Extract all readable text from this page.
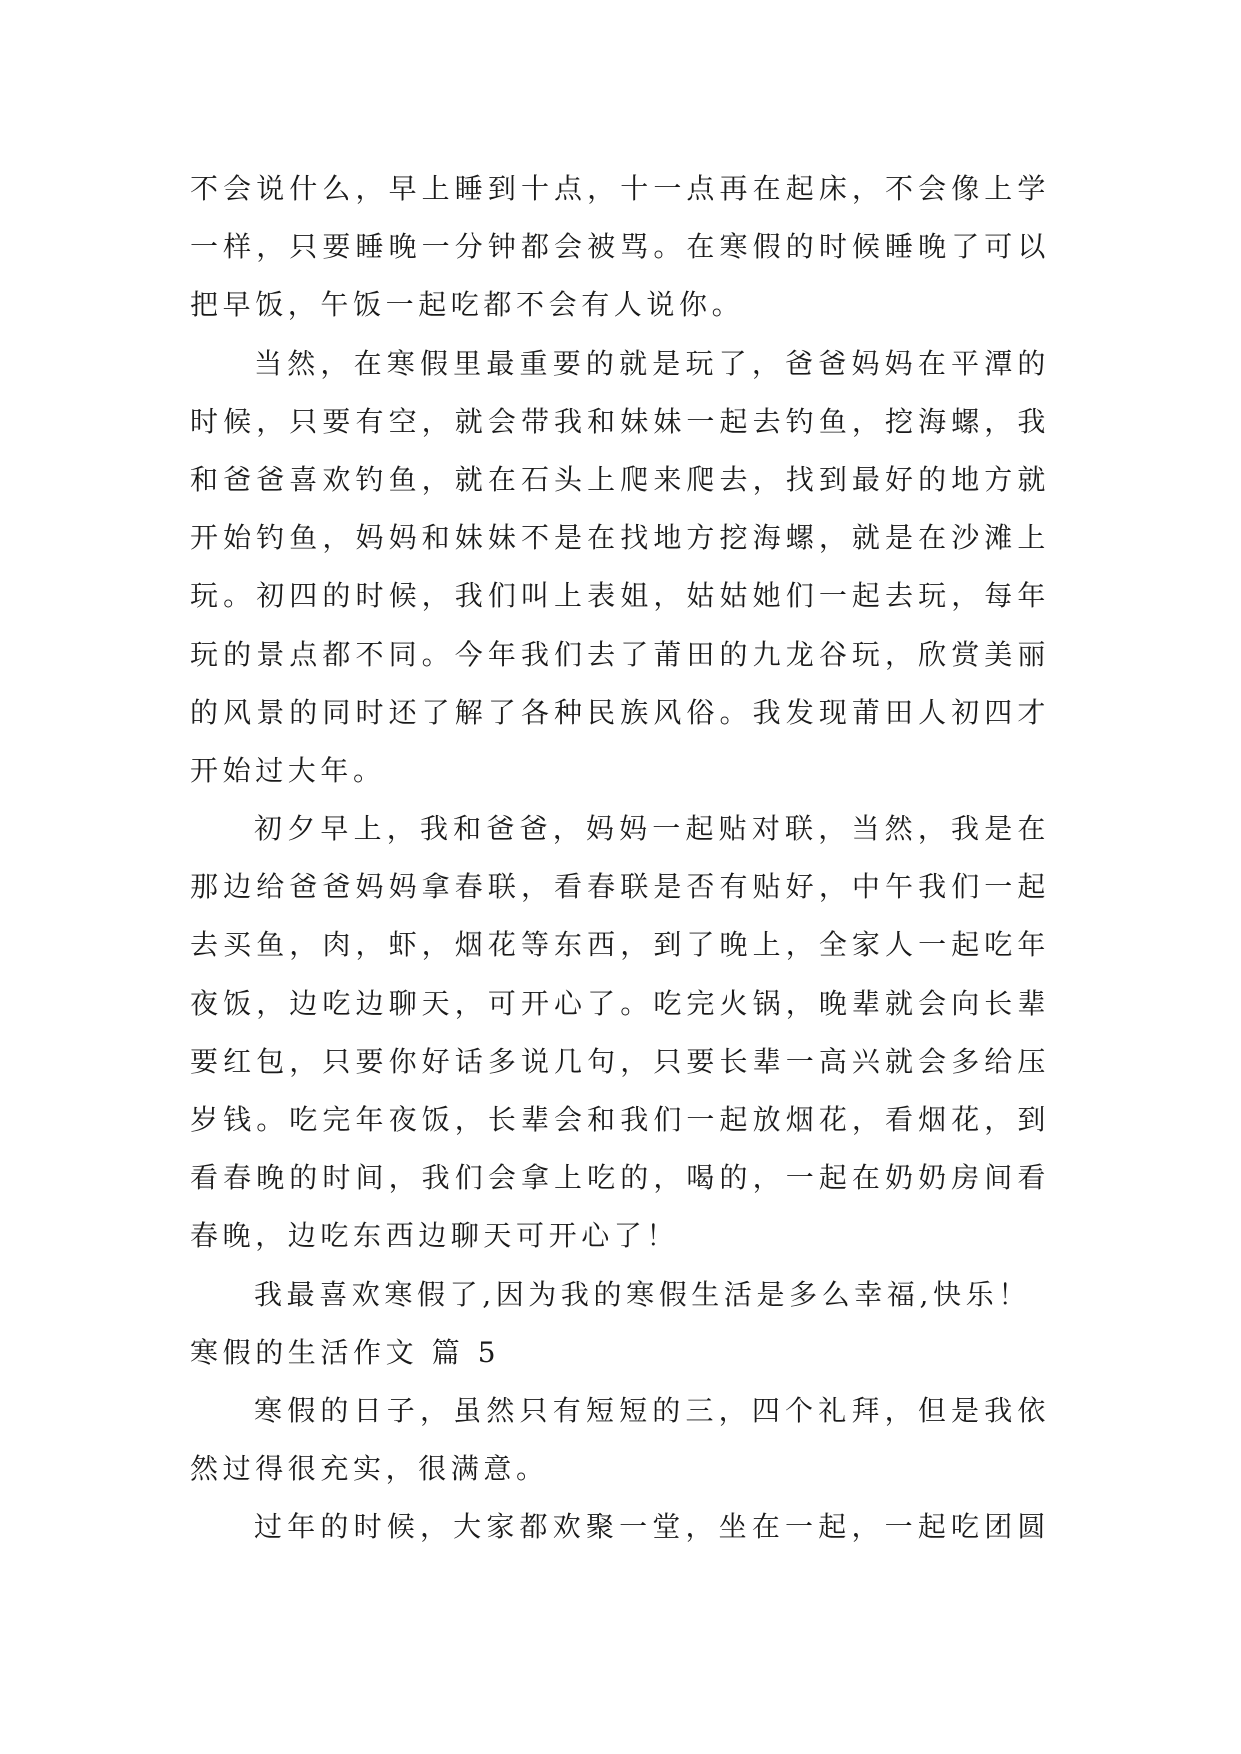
不会说什么，早上睡到十点，十一点再在起床，不会像上学
一样，只要睡晚一分钟都会被骂。在寒假的时候睡晚了可以
把早饭，午饭一起吃都不会有人说你。
当然，在寒假里最重要的就是玩了，爸爸妈妈在平潭的
时候，只要有空，就会带我和妹妹一起去钓鱼，挖海螺，我
和爸爸喜欢钓鱼，就在石头上爬来爬去，找到最好的地方就
开始钓鱼，妈妈和妹妹不是在找地方挖海螺，就是在沙滩上
玩。初四的时候，我们叫上表姐，姑姑她们一起去玩，每年
玩的景点都不同。今年我们去了莆田的九龙谷玩，欣赏美丽
的风景的同时还了解了各种民族风俗。我发现莆田人初四才
开始过大年。
初夕早上，我和爸爸，妈妈一起贴对联，当然，我是在
那边给爸爸妈妈拿春联，看春联是否有贴好，中午我们一起
去买鱼，肉，虾，烟花等东西，到了晚上，全家人一起吃年
夜饭，边吃边聊天，可开心了。吃完火锅，晚辈就会向长辈
要红包，只要你好话多说几句，只要长辈一高兴就会多给压
岁钱。吃完年夜饭，长辈会和我们一起放烟花，看烟花，到
看春晚的时间，我们会拿上吃的，喝的，一起在奶奶房间看
春晚，边吃东西边聊天可开心了！
我最喜欢寒假了,因为我的寒假生活是多么幸福,快乐！
寒假的生活作文 篇 5
寒假的日子，虽然只有短短的三，四个礼拜，但是我依
然过得很充实，很满意。
过年的时候，大家都欢聚一堂，坐在一起，一起吃团圆
